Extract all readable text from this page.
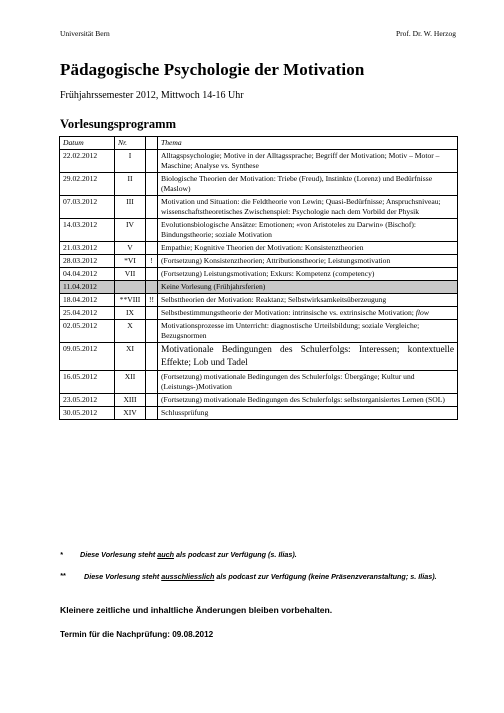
Universität Bern	Prof. Dr. W. Herzog
Pädagogische Psychologie der Motivation
Frühjahrssemester 2012, Mittwoch 14-16 Uhr
Vorlesungsprogramm
Datum	Nr.		Thema
22.02.2012	I		Alltagspsychologie; Motive in der Alltagssprache; Begriff der Motivation; Motiv – Motor – Maschine; Analyse vs. Synthese
29.02.2012	II		Biologische Theorien der Motivation: Triebe (Freud), Instinkte (Lorenz) und Bedürfnisse (Maslow)
07.03.2012	III		Motivation und Situation: die Feldtheorie von Lewin; Quasi-Bedürfnisse; Anspruchsniveau; wissenschaftstheoretisches Zwischenspiel: Psychologie nach dem Vorbild der Physik
14.03.2012	IV		Evolutionsbiologische Ansätze: Emotionen; «von Aristoteles zu Darwin» (Bischof): Bindungstheorie; soziale Motivation
21.03.2012	V		Empathie; Kognitive Theorien der Motivation: Konsistenztheorien
28.03.2012	*VI	!	(Fortsetzung) Konsistenztheorien; Attributionstheorie; Leistungsmotivation
04.04.2012	VII		(Fortsetzung) Leistungsmotivation; Exkurs: Kompetenz (competency)
11.04.2012			Keine Vorlesung (Frühjahrsferien)
18.04.2012	**VIII	!!	Selbsttheorien der Motivation: Reaktanz; Selbstwirksamkeitsüberzeugung
25.04.2012	IX		Selbstbestimmungstheorie der Motivation: intrinsische vs. extrinsische Motivation; flow
02.05.2012	X		Motivationsprozesse im Unterricht: diagnostische Urteilsbildung; soziale Vergleiche; Bezugsnormen
09.05.2012	XI		Motivationale Bedingungen des Schulerfolgs: Interessen; kontextuelle Effekte; Lob und Tadel
16.05.2012	XII		(Fortsetzung) motivationale Bedingungen des Schulerfolgs: Übergänge; Kultur und (Leistungs-)Motivation
23.05.2012	XIII		(Fortsetzung) motivationale Bedingungen des Schulerfolgs: selbstorganisiertes Lernen (SOL)
30.05.2012	XIV		Schlussprüfung
* Diese Vorlesung steht auch als podcast zur Verfügung (s. Ilias).
**	Diese Vorlesung steht ausschliesslich als podcast zur Verfügung (keine Präsenzveranstaltung; s. Ilias).
Kleinere zeitliche und inhaltliche Änderungen bleiben vorbehalten.
Termin für die Nachprüfung: 09.08.2012
